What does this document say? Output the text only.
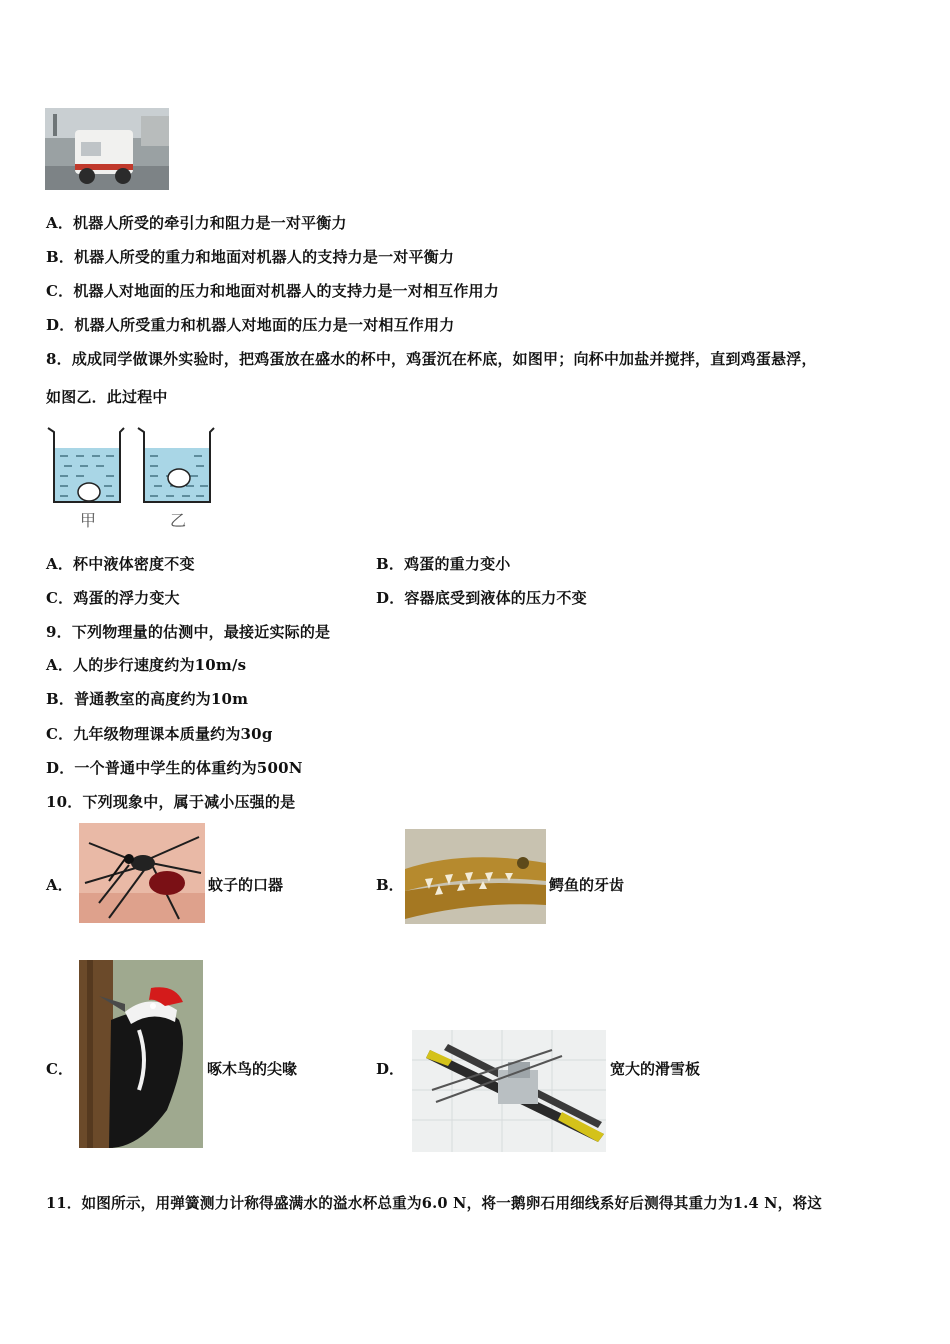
A．机器人所受的牵引力和阻力是一对平衡力
B．机器人所受的重力和地面对机器人的支持力是一对平衡力
C．机器人对地面的压力和地面对机器人的支持力是一对相互作用力
D．机器人所受重力和机器人对地面的压力是一对相互作用力
8．成成同学做课外实验时，把鸡蛋放在盛水的杯中，鸡蛋沉在杯底，如图甲；向杯中加盐并搅拌，直到鸡蛋悬浮，
如图乙．此过程中
甲	乙
A．杯中液体密度不变	B．鸡蛋的重力变小
C．鸡蛋的浮力变大	D．容器底受到液体的压力不变
9．下列物理量的估测中，最接近实际的是
A．人的步行速度约为10m/s
B．普通教室的高度约为10m
C．九年级物理课本质量约为30g
D．一个普通中学生的体重约为500N
10．下列现象中，属于减小压强的是
A．	蚊子的口器	B．	鳄鱼的牙齿
C．	啄木鸟的尖喙	D．	宽大的滑雪板
11．如图所示，用弹簧测力计称得盛满水的溢水杯总重为6.0 N，将一鹅卵石用细线系好后测得其重力为1.4 N，将这
